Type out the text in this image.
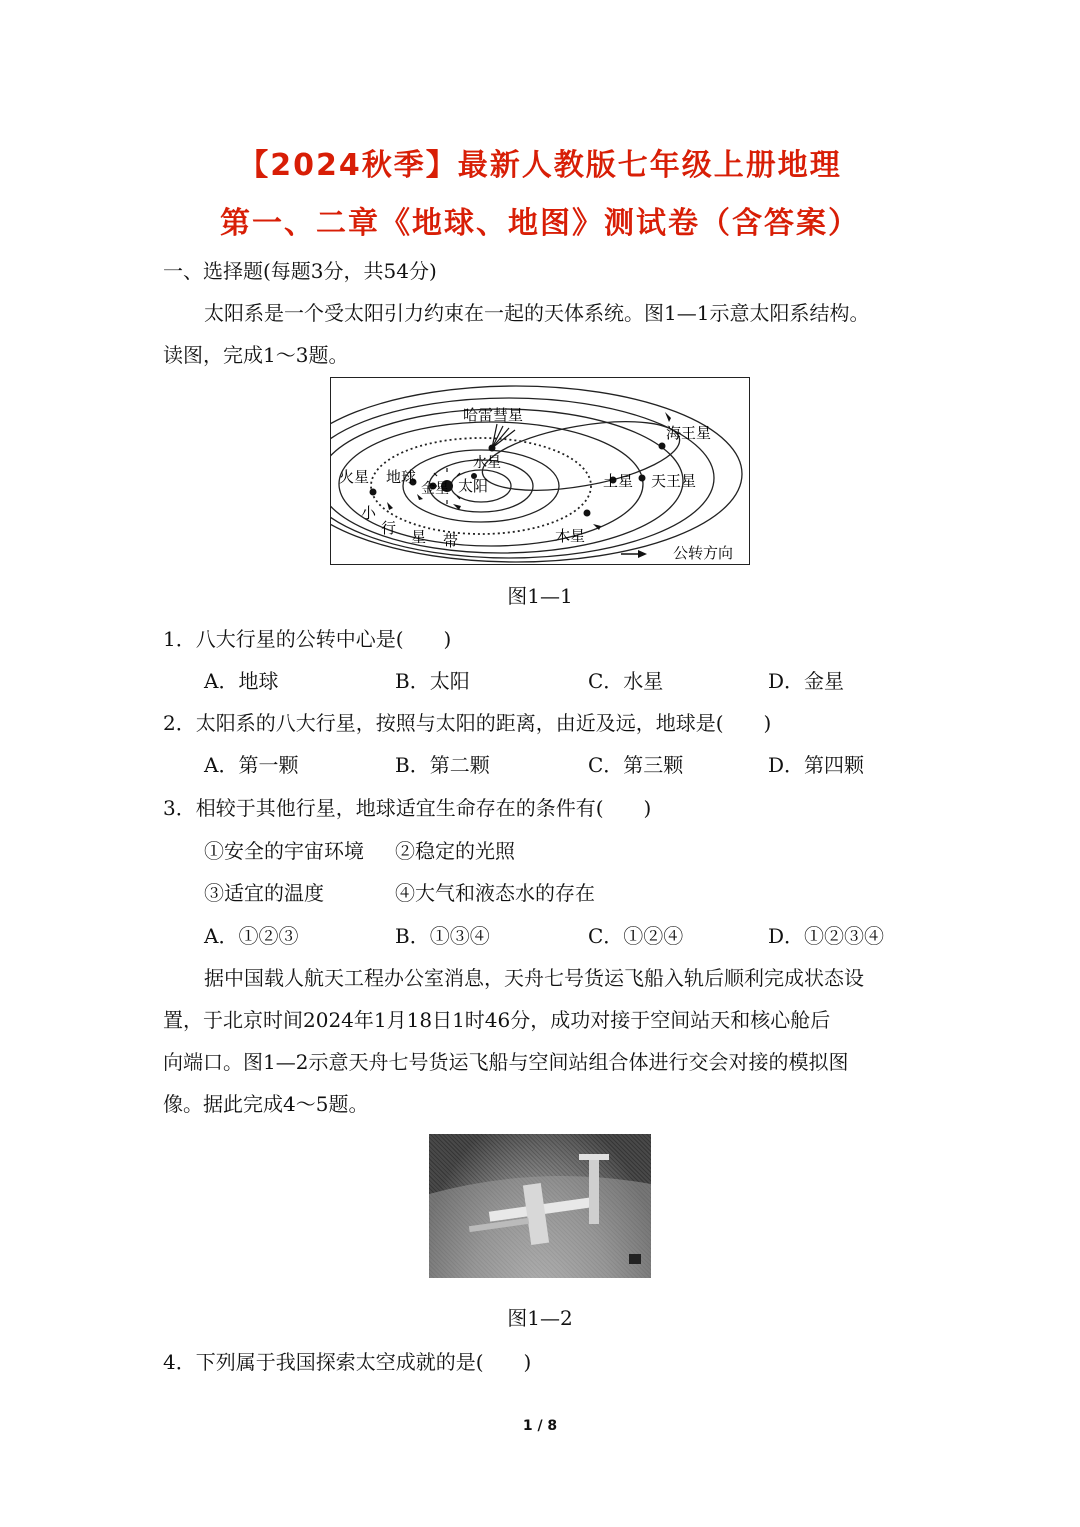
【2024秋季】最新人教版七年级上册地理
第一、二章《地球、地图》测试卷（含答案）
一、选择题(每题3分，共54分)
太阳系是一个受太阳引力约束在一起的天体系统。图1—1示意太阳系结构。
读图，完成1～3题。
哈雷彗星
海王星
水星
火星 地球
金星 太阳	土星 天王星
木星
小
行 星 带
公转方向
图1—1
1．八大行星的公转中心是(　　)
A．地球	B．太阳	C．水星	D．金星
2．太阳系的八大行星，按照与太阳的距离，由近及远，地球是(　　)
A．第一颗	B．第二颗	C．第三颗	D．第四颗
3．相较于其他行星，地球适宜生命存在的条件有(　　)
①安全的宇宙环境 ②稳定的光照
③适宜的温度	④大气和液态水的存在
A．①②③	B．①③④	C．①②④	D．①②③④
据中国载人航天工程办公室消息，天舟七号货运飞船入轨后顺利完成状态设
置，于北京时间2024年1月18日1时46分，成功对接于空间站天和核心舱后
向端口。图1—2示意天舟七号货运飞船与空间站组合体进行交会对接的模拟图
像。据此完成4～5题。
图1—2
4．下列属于我国探索太空成就的是(　　)
1 / 8
